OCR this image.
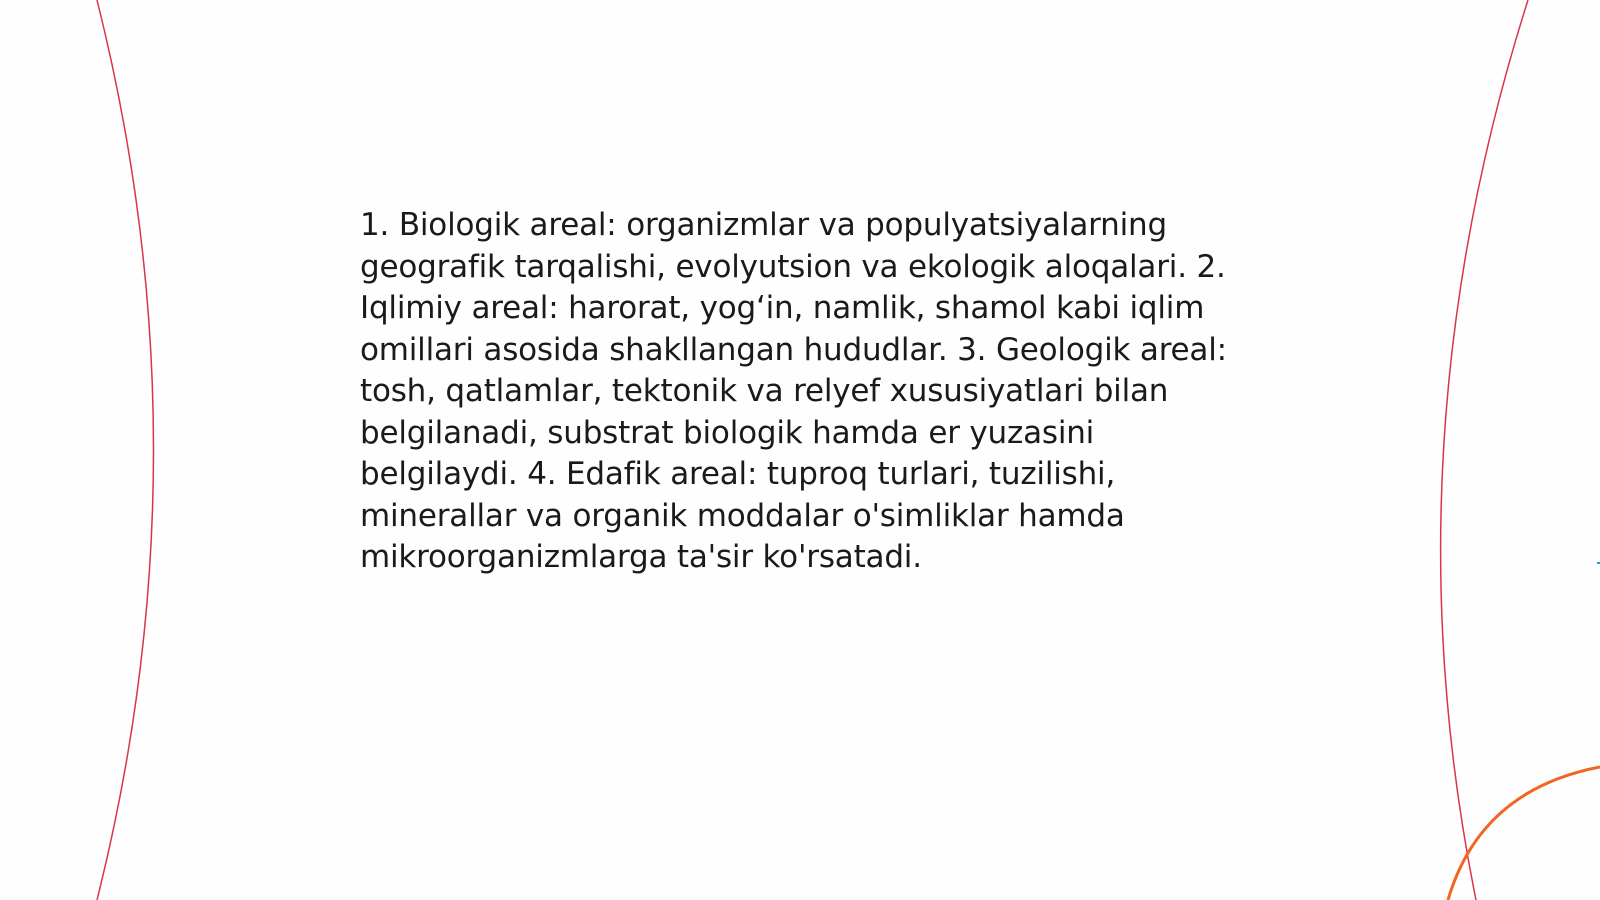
1. Biologik areal: organizmlar va populyatsiyalarning geografik tarqalishi, evolyutsion va ekologik aloqalari. 2. Iqlimiy areal: harorat, yog‘in, namlik, shamol kabi iqlim omillari asosida shakllangan hududlar. 3. Geologik areal: tosh, qatlamlar, tektonik va relyef xususiyatlari bilan belgilanadi, substrat biologik hamda er yuzasini belgilaydi. 4. Edafik areal: tuproq turlari, tuzilishi, minerallar va organik moddalar o'simliklar hamda mikroorganizmlarga ta'sir ko'rsatadi.
